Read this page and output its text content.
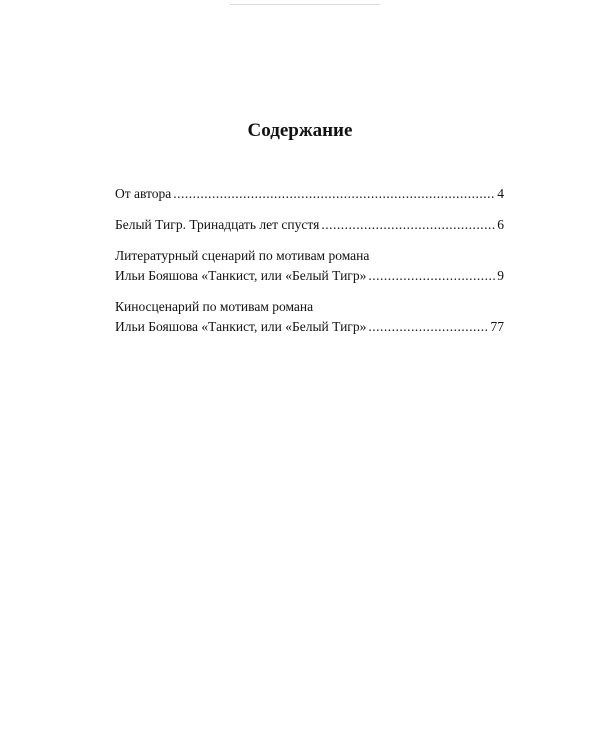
Содержание
От автора .....	4
Белый Тигр. Тринадцать лет спустя .....	6
Литературный сценарий по мотивам романа
Ильи Бояшова «Танкист, или «Белый Тигр» .....	9
Киносценарий по мотивам романа
Ильи Бояшова «Танкист, или «Белый Тигр» .....	77
